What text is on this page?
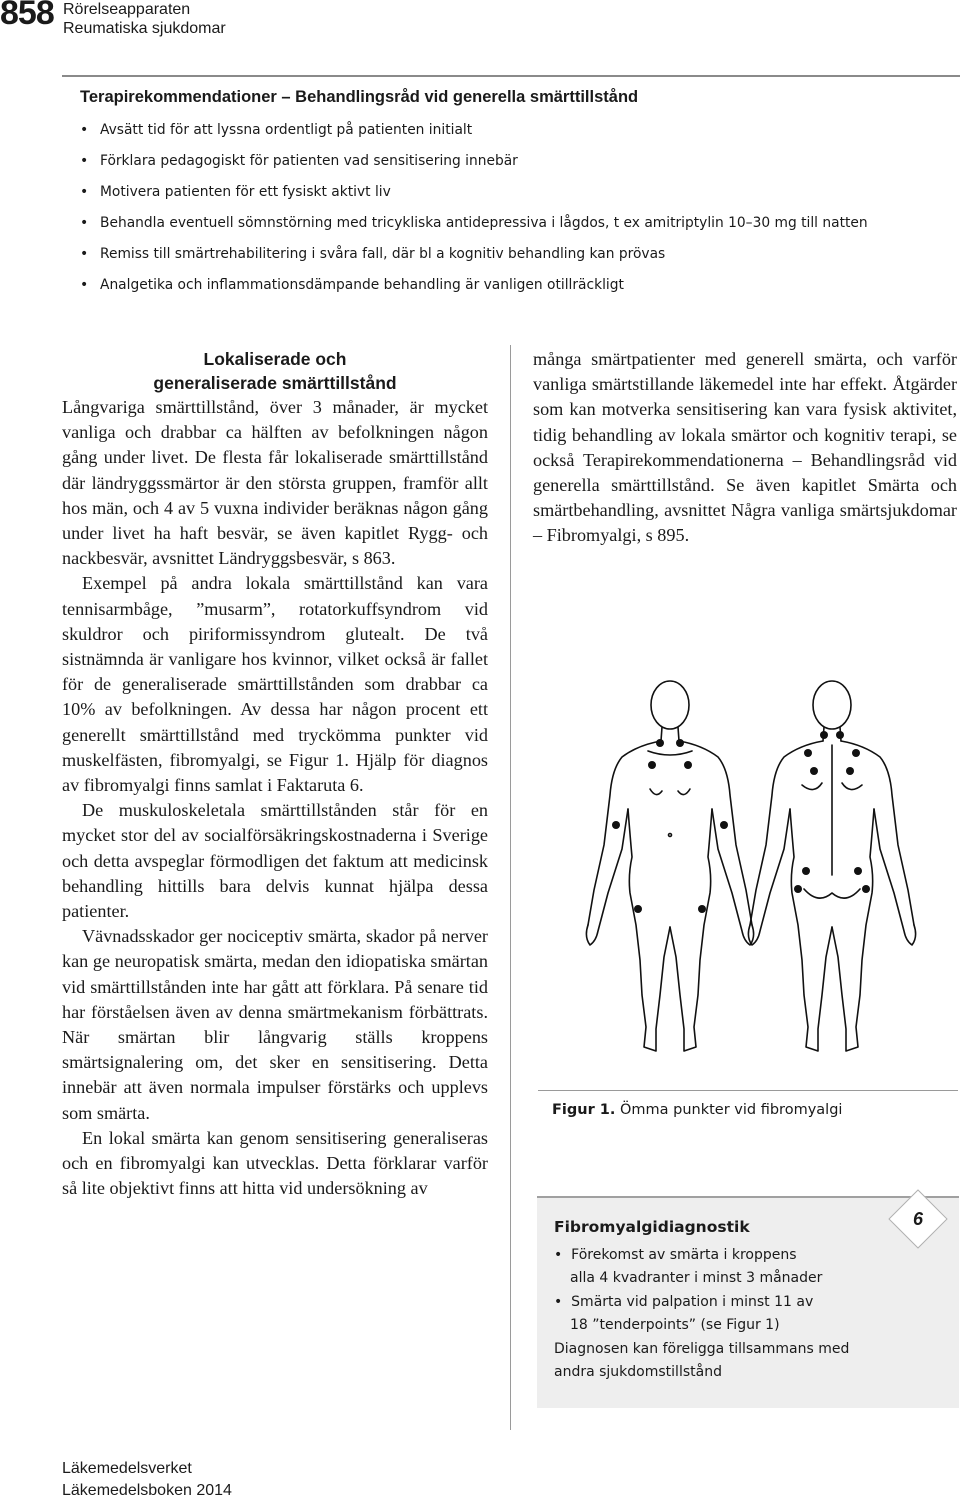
858 Rörelseapparaten
Reumatiska sjukdomar
Terapirekommendationer – Behandlingsråd vid generella smärttillstånd
• Avsätt tid för att lyssna ordentligt på patienten initialt
• Förklara pedagogiskt för patienten vad sensitisering innebär
• Motivera patienten för ett fysiskt aktivt liv
• Behandla eventuell sömnstörning med tricykliska antidepressiva i lågdos, t ex amitriptylin 10–30 mg till natten
• Remiss till smärtrehabilitering i svåra fall, där bl a kognitiv behandling kan prövas
• Analgetika och inflammationsdämpande behandling är vanligen otillräckligt
Lokaliserade och
generaliserade smärttillstånd

Långvariga smärttillstånd, över 3 månader, är mycket vanliga och drabbar ca hälften av befolkningen någon gång under livet. De flesta får lokaliserade smärttillstånd där ländryggssmärtor är den största gruppen, framför allt hos män, och 4 av 5 vuxna individer beräknas någon gång under livet ha haft besvär, se även kapitlet Rygg- och nackbesvär, avsnittet Ländryggsbesvär, s 863.

Exempel på andra lokala smärttillstånd kan vara tennisarmbåge, ”musarm”, rotatorkuffsyndrom vid skuldror och piriformissyndrom glutealt. De två sistnämnda är vanligare hos kvinnor, vilket också är fallet för de generaliserade smärttillstånden som drabbar ca 10% av befolkningen. Av dessa har någon procent ett generellt smärttillstånd med tryckömma punkter vid muskelfästen, fibromyalgi, se Figur 1. Hjälp för diagnos av fibromyalgi finns samlat i Faktaruta 6.

De muskuloskeletala smärttillstånden står för en mycket stor del av socialförsäkringskostnaderna i Sverige och detta avspeglar förmodligen det faktum att medicinsk behandling hittills bara delvis kunnat hjälpa dessa patienter.

Vävnadsskador ger nociceptiv smärta, skador på nerver kan ge neuropatisk smärta, medan den idiopatiska smärtan vid smärttillstånden inte har gått att förklara. På senare tid har förståelsen även av denna smärtmekanism förbättrats. När smärtan blir långvarig ställs kroppens smärtsignalering om, det sker en sensitisering. Detta innebär att även normala impulser förstärks och upplevs som smärta.

En lokal smärta kan genom sensitisering generaliseras och en fibromyalgi kan utvecklas. Detta förklarar varför så lite objektivt finns att hitta vid undersökning av

många smärtpatienter med generell smärta, och varför vanliga smärtstillande läkemedel inte har effekt. Åtgärder som kan motverka sensitisering kan vara fysisk aktivitet, tidig behandling av lokala smärtor och kognitiv terapi, se också Terapirekommendationerna – Behandlingsråd vid generella smärttillstånd. Se även kapitlet Smärta och smärtbehandling, avsnittet Några vanliga smärtsjukdomar – Fibromyalgi, s 895.

Figur 1. Ömma punkter vid fibromyalgi
Fibromyalgidiagnostik
• Förekomst av smärta i kroppens
alla 4 kvadranter i minst 3 månader
• Smärta vid palpation i minst 11 av
18 ”tenderpoints” (se Figur 1)
Diagnosen kan föreligga tillsammans med
andra sjukdomstillstånd
6
Läkemedelsverket
Läkemedelsboken 2014
